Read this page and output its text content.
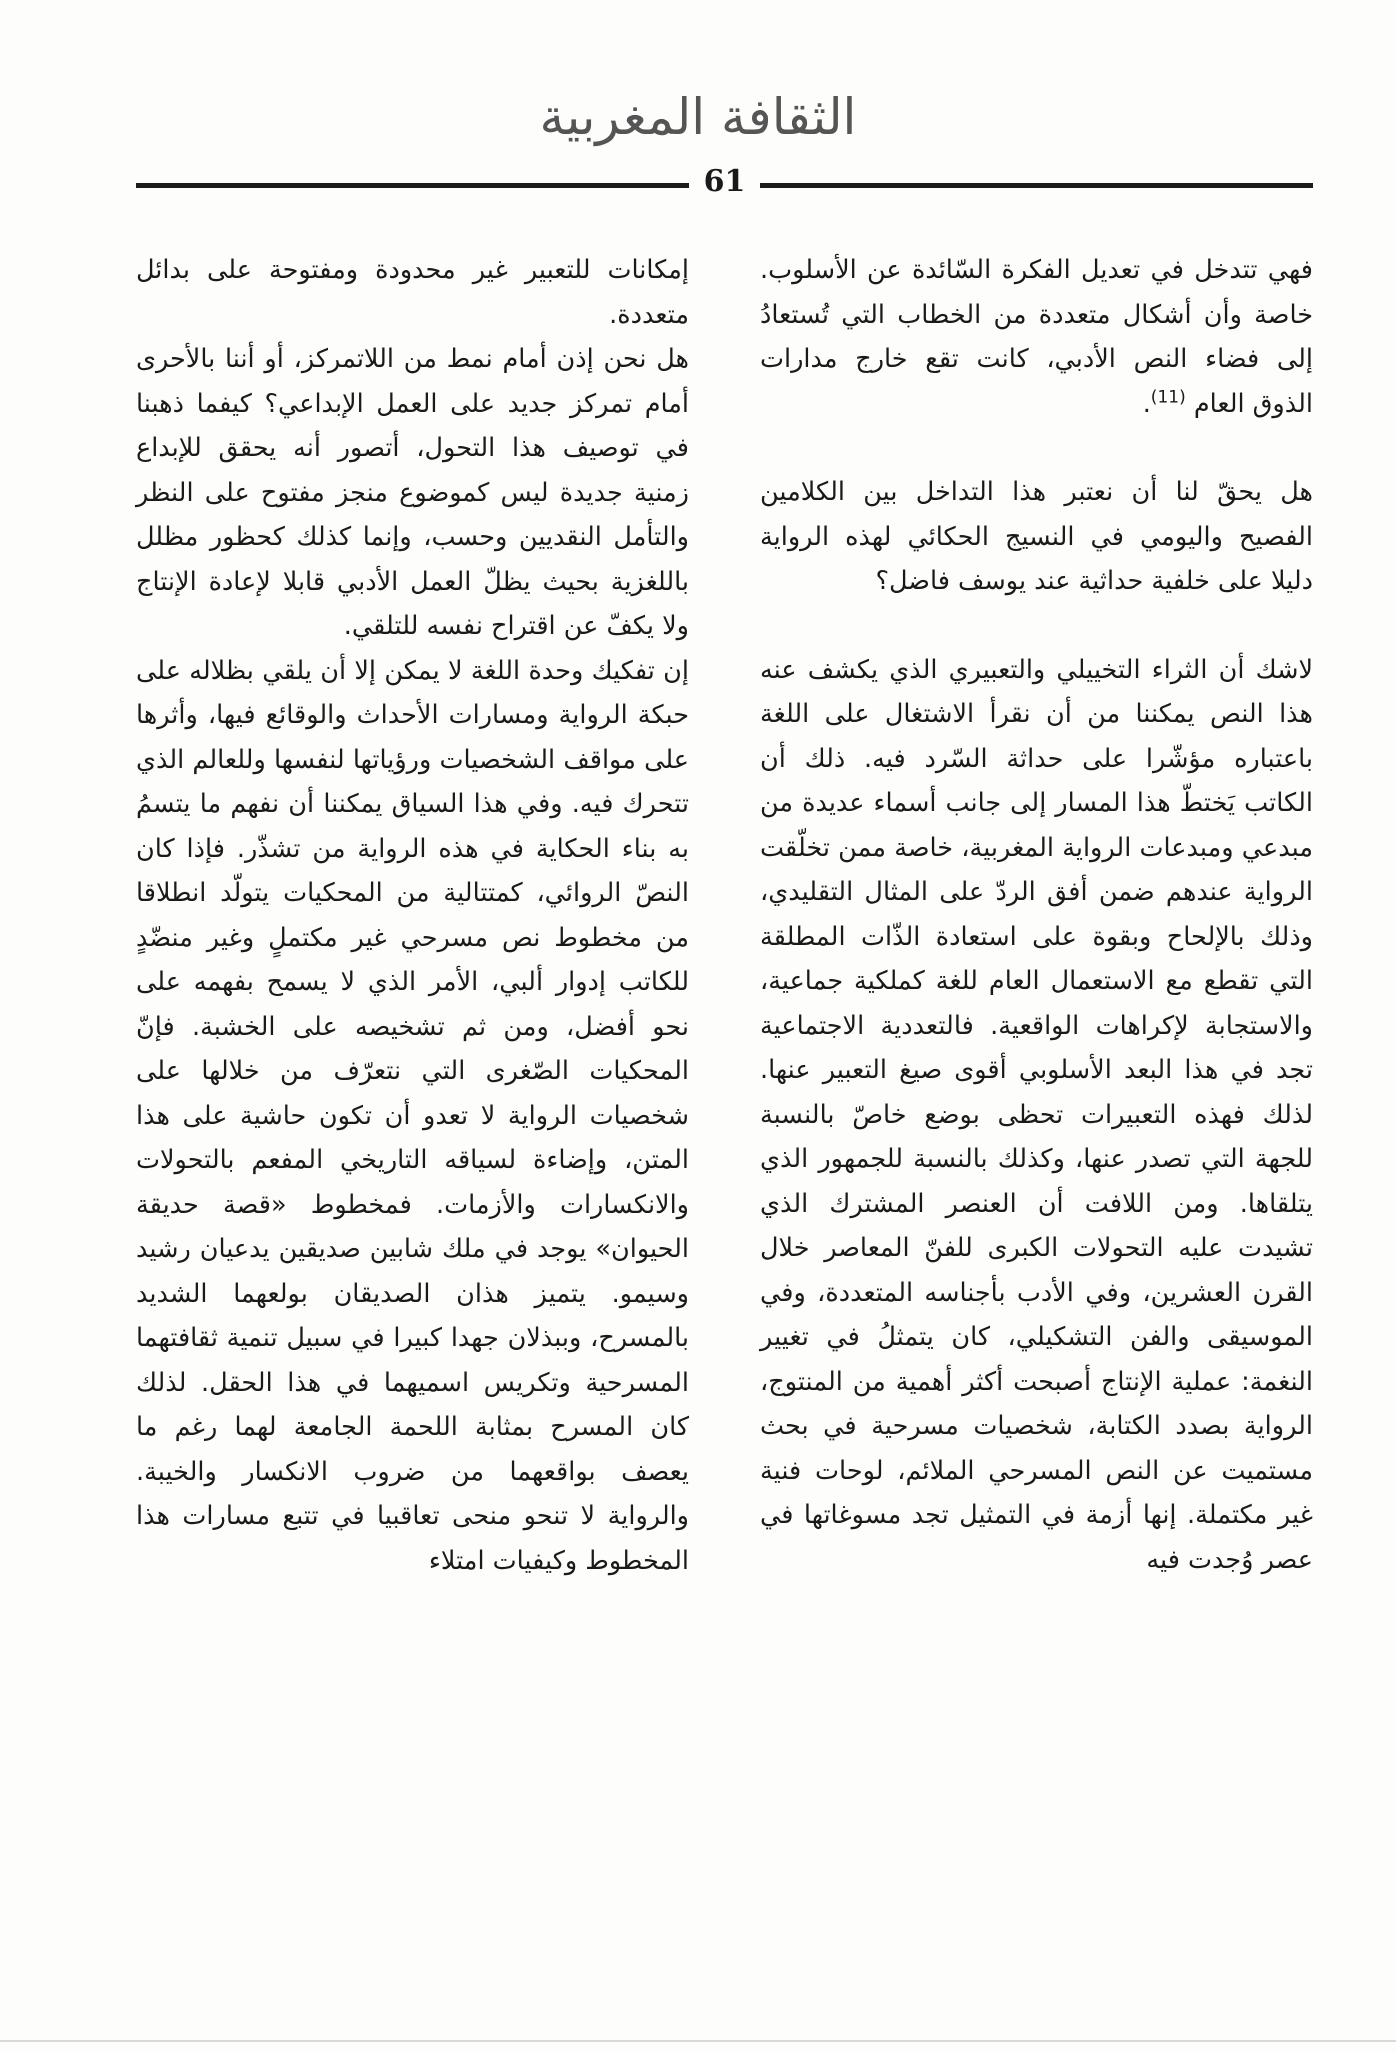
الثقافة المغربية
61

فهي تتدخل في تعديل الفكرة السّائدة عن الأسلوب. خاصة وأن أشكال متعددة من الخطاب التي تُستعادُ إلى فضاء النص الأدبي، كانت تقع خارج مدارات الذوق العام $^{(11)}$.

هل يحقّ لنا أن نعتبر هذا التداخل بين الكلامين الفصيح واليومي في النسيج الحكائي لهذه الرواية دليلا على خلفية حداثية عند يوسف فاضل؟

لاشك أن الثراء التخييلي والتعبيري الذي يكشف عنه هذا النص يمكننا من أن نقرأ الاشتغال على اللغة باعتباره مؤشّرا على حداثة السّرد فيه. ذلك أن الكاتب يَختطّ هذا المسار إلى جانب أسماء عديدة من مبدعي ومبدعات الرواية المغربية، خاصة ممن تخلّقت الرواية عندهم ضمن أفق الردّ على المثال التقليدي، وذلك بالإلحاح وبقوة على استعادة الذّات المطلقة التي تقطع مع الاستعمال العام للغة كملكية جماعية، والاستجابة لإكراهات الواقعية. فالتعددية الاجتماعية تجد في هذا البعد الأسلوبي أقوى صيغ التعبير عنها. لذلك فهذه التعبيرات تحظى بوضع خاصّ بالنسبة للجهة التي تصدر عنها، وكذلك بالنسبة للجمهور الذي يتلقاها. ومن اللافت أن العنصر المشترك الذي تشيدت عليه التحولات الكبرى للفنّ المعاصر خلال القرن العشرين، وفي الأدب بأجناسه المتعددة، وفي الموسيقى والفن التشكيلي، كان يتمثلُ في تغيير النغمة: عملية الإنتاج أصبحت أكثر أهمية من المنتوج، الرواية بصدد الكتابة، شخصيات مسرحية في بحث مستميت عن النص المسرحي الملائم، لوحات فنية غير مكتملة. إنها أزمة في التمثيل تجد مسوغاتها في عصر وُجدت فيه

إمكانات للتعبير غير محدودة ومفتوحة على بدائل متعددة.

هل نحن إذن أمام نمط من اللاتمركز، أو أننا بالأحرى أمام تمركز جديد على العمل الإبداعي؟ كيفما ذهبنا في توصيف هذا التحول، أتصور أنه يحقق للإبداع زمنية جديدة ليس كموضوع منجز مفتوح على النظر والتأمل النقديين وحسب، وإنما كذلك كحظور مظلل باللغزية بحيث يظلّ العمل الأدبي قابلا لإعادة الإنتاج ولا يكفّ عن اقتراح نفسه للتلقي.

إن تفكيك وحدة اللغة لا يمكن إلا أن يلقي بظلاله على حبكة الرواية ومسارات الأحداث والوقائع فيها، وأثرها على مواقف الشخصيات ورؤياتها لنفسها وللعالم الذي تتحرك فيه. وفي هذا السياق يمكننا أن نفهم ما يتسمُ به بناء الحكاية في هذه الرواية من تشذّر. فإذا كان النصّ الروائي، كمتتالية من المحكيات يتولّد انطلاقا من مخطوط نص مسرحي غير مكتملٍ وغير منضّدٍ للكاتب إدوار ألبي، الأمر الذي لا يسمح بفهمه على نحو أفضل، ومن ثم تشخيصه على الخشبة. فإنّ المحكيات الصّغرى التي نتعرّف من خلالها على شخصيات الرواية لا تعدو أن تكون حاشية على هذا المتن، وإضاءة لسياقه التاريخي المفعم بالتحولات والانكسارات والأزمات. فمخطوط «قصة حديقة الحيوان» يوجد في ملك شابين صديقين يدعيان رشيد وسيمو. يتميز هذان الصديقان بولعهما الشديد بالمسرح، وببذلان جهدا كبيرا في سبيل تنمية ثقافتهما المسرحية وتكريس اسميهما في هذا الحقل. لذلك كان المسرح بمثابة اللحمة الجامعة لهما رغم ما يعصف بواقعهما من ضروب الانكسار والخيبة. والرواية لا تنحو منحى تعاقبيا في تتبع مسارات هذا المخطوط وكيفيات امتلاء
